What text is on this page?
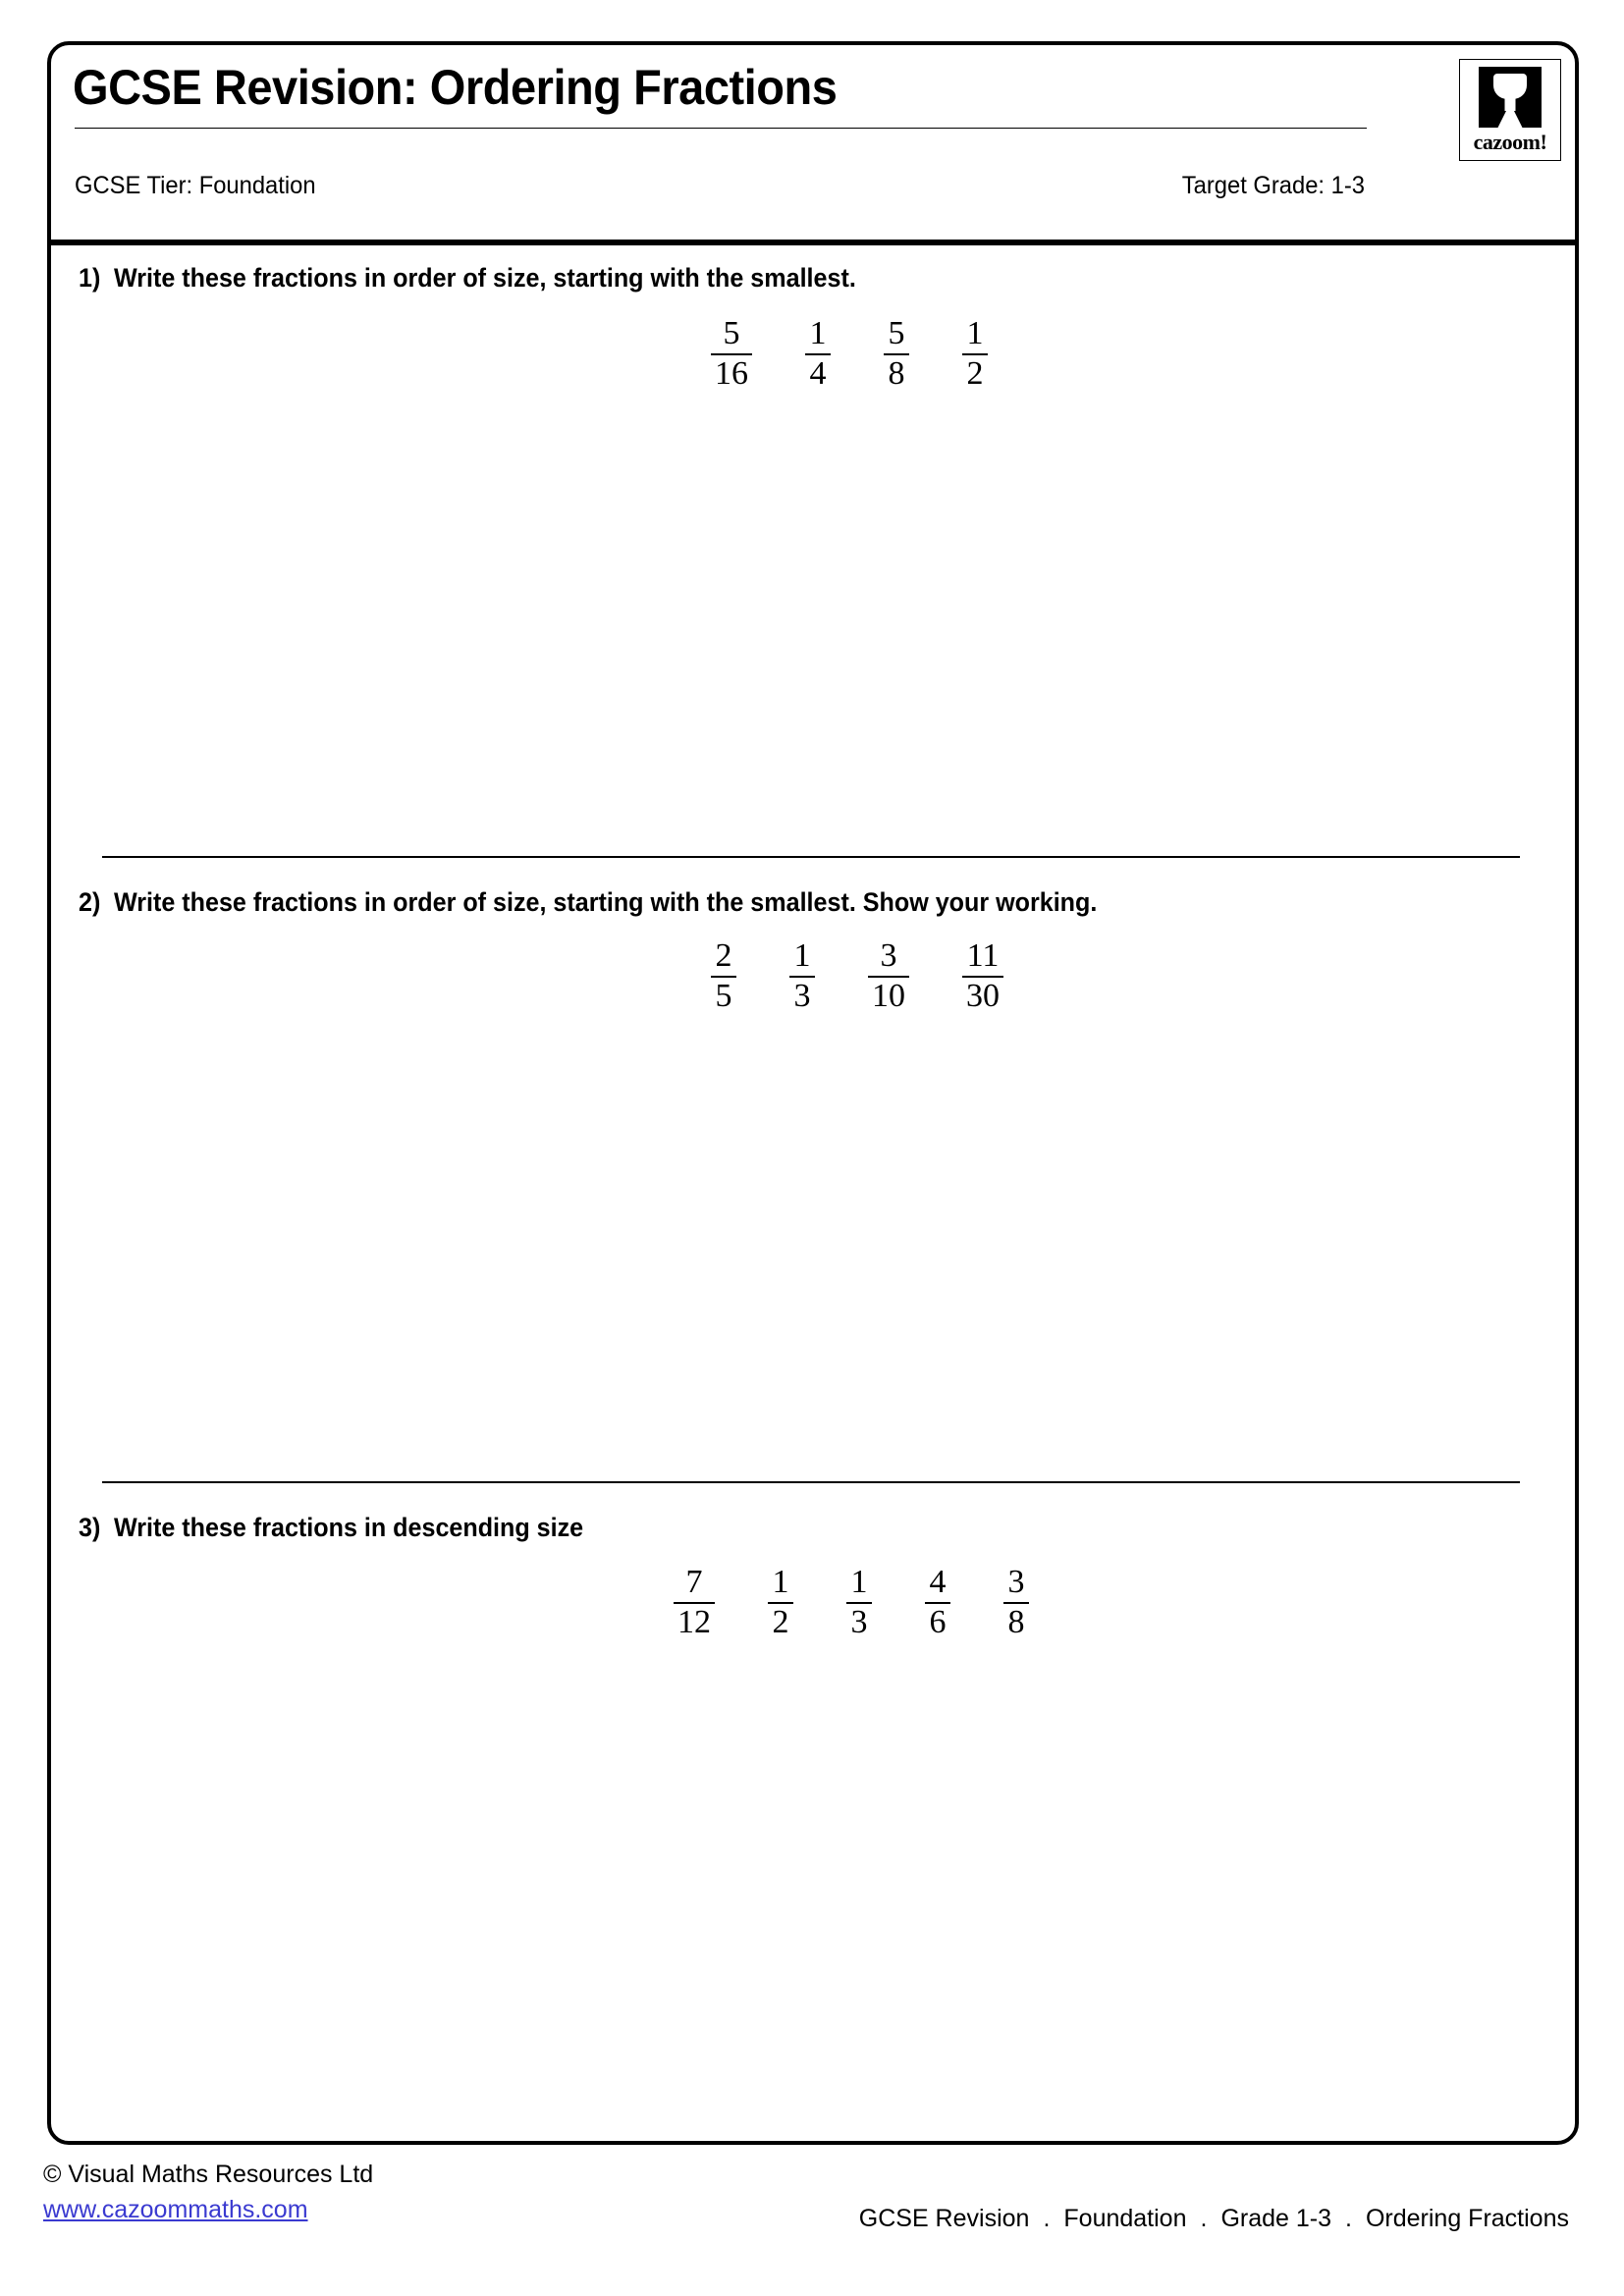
GCSE Revision: Ordering Fractions
GCSE Tier: Foundation	Target Grade: 1-3
cazoom!
1) Write these fractions in order of size, starting with the smallest.
$\frac{5}{16} \frac{1}{4} \frac{5}{8} \frac{1}{2}$
2) Write these fractions in order of size, starting with the smallest. Show your working.
$\frac{2}{5} \frac{1}{3} \frac{3}{10} \frac{11}{30}$
3) Write these fractions in descending size
$\frac{7}{12} \frac{1}{2} \frac{1}{3} \frac{4}{6} \frac{3}{8}$
© Visual Maths Resources Ltd
www.cazoommaths.com	GCSE Revision . Foundation . Grade 1-3 . Ordering Fractions
